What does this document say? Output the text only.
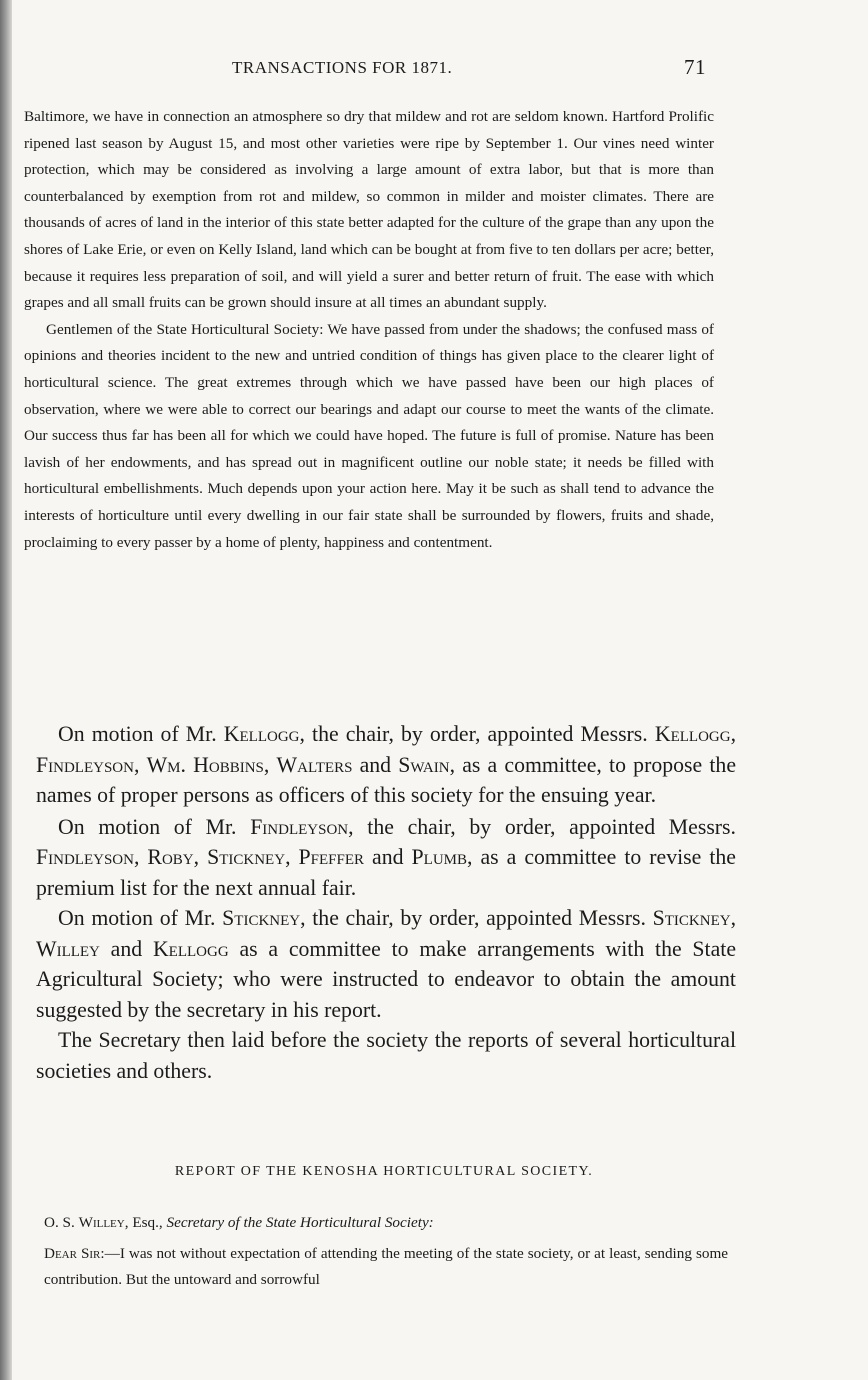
TRANSACTIONS FOR 1871.	71

Baltimore, we have in connection an atmosphere so dry that mildew and rot are seldom known. Hartford Prolific ripened last season by August 15, and most other varieties were ripe by September 1. Our vines need winter protection, which may be considered as involving a large amount of extra labor, but that is more than counterbalanced by exemption from rot and mildew, so common in milder and moister climates. There are thousands of acres of land in the interior of this state better adapted for the culture of the grape than any upon the shores of Lake Erie, or even on Kelly Island, land which can be bought at from five to ten dollars per acre; better, because it requires less preparation of soil, and will yield a surer and better return of fruit. The ease with which grapes and all small fruits can be grown should insure at all times an abundant supply.

Gentlemen of the State Horticultural Society: We have passed from under the shadows; the confused mass of opinions and theories incident to the new and untried condition of things has given place to the clearer light of horticultural science. The great extremes through which we have passed have been our high places of observation, where we were able to correct our bearings and adapt our course to meet the wants of the climate. Our success thus far has been all for which we could have hoped. The future is full of promise. Nature has been lavish of her endowments, and has spread out in magnificent outline our noble state; it needs be filled with horticultural embellishments. Much depends upon your action here. May it be such as shall tend to advance the interests of horticulture until every dwelling in our fair state shall be surrounded by flowers, fruits and shade, proclaiming to every passer by a home of plenty, happiness and contentment.

On motion of Mr. Kellogg, the chair, by order, appointed Messrs. Kellogg, Findleyson, Wm. Hobbins, Walters and Swain, as a committee, to propose the names of proper persons as officers of this society for the ensuing year.

On motion of Mr. Findleyson, the chair, by order, appointed Messrs. Findleyson, Roby, Stickney, Pfeffer and Plumb, as a committee to revise the premium list for the next annual fair.

On motion of Mr. Stickney, the chair, by order, appointed Messrs. Stickney, Willey and Kellogg as a committee to make arrangements with the State Agricultural Society; who were instructed to endeavor to obtain the amount suggested by the secretary in his report.

The Secretary then laid before the society the reports of several horticultural societies and others.

REPORT OF THE KENOSHA HORTICULTURAL SOCIETY.

O. S. Willey, Esq., Secretary of the State Horticultural Society:

Dear Sir:—I was not without expectation of attending the meeting of the state society, or at least, sending some contribution. But the untoward and sorrowful
